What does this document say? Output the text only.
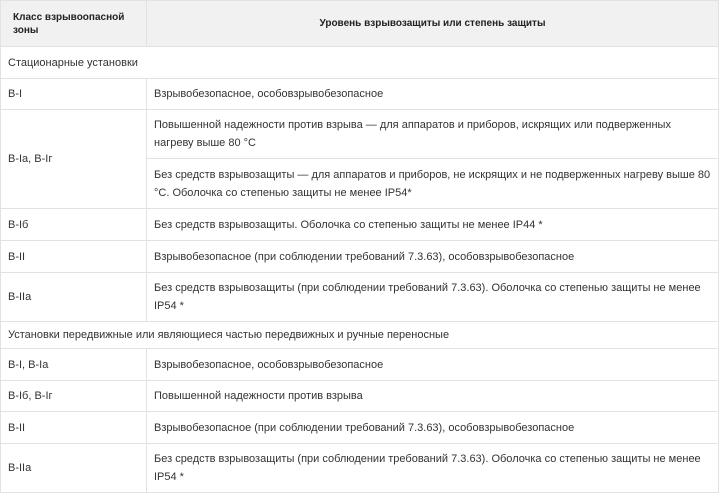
Класс взрывоопасной зоны	Уровень взрывозащиты или степень защиты
Стационарные установки	
В-I	Взрывобезопасное, особовзрывобезопасное
В-Iа, В-Iг	Повышенной надежности против взрыва — для аппаратов и приборов, искрящих или подверженных нагреву выше 80 °С
	Без средств взрывозащиты — для аппаратов и приборов, не искрящих и не подверженных нагреву выше 80 °С. Оболочка со степенью защиты не менее IP54*
В-Iб	Без средств взрывозащиты. Оболочка со степенью защиты не менее IP44 *
В-II	Взрывобезопасное (при соблюдении требований 7.3.63), особовзрывобезопасное
В-IIа	Без средств взрывозащиты (при соблюдении требований 7.3.63). Оболочка со степенью защиты не менее IP54 *
Установки передвижные или являющиеся частью передвижных и ручные переносные	
В-I, В-Iа	Взрывобезопасное, особовзрывобезопасное
В-Iб, В-Iг	Повышенной надежности против взрыва
В-II	Взрывобезопасное (при соблюдении требований 7.3.63), особовзрывобезопасное
В-IIа	Без средств взрывозащиты (при соблюдении требований 7.3.63). Оболочка со степенью защиты не менее IP54 *
